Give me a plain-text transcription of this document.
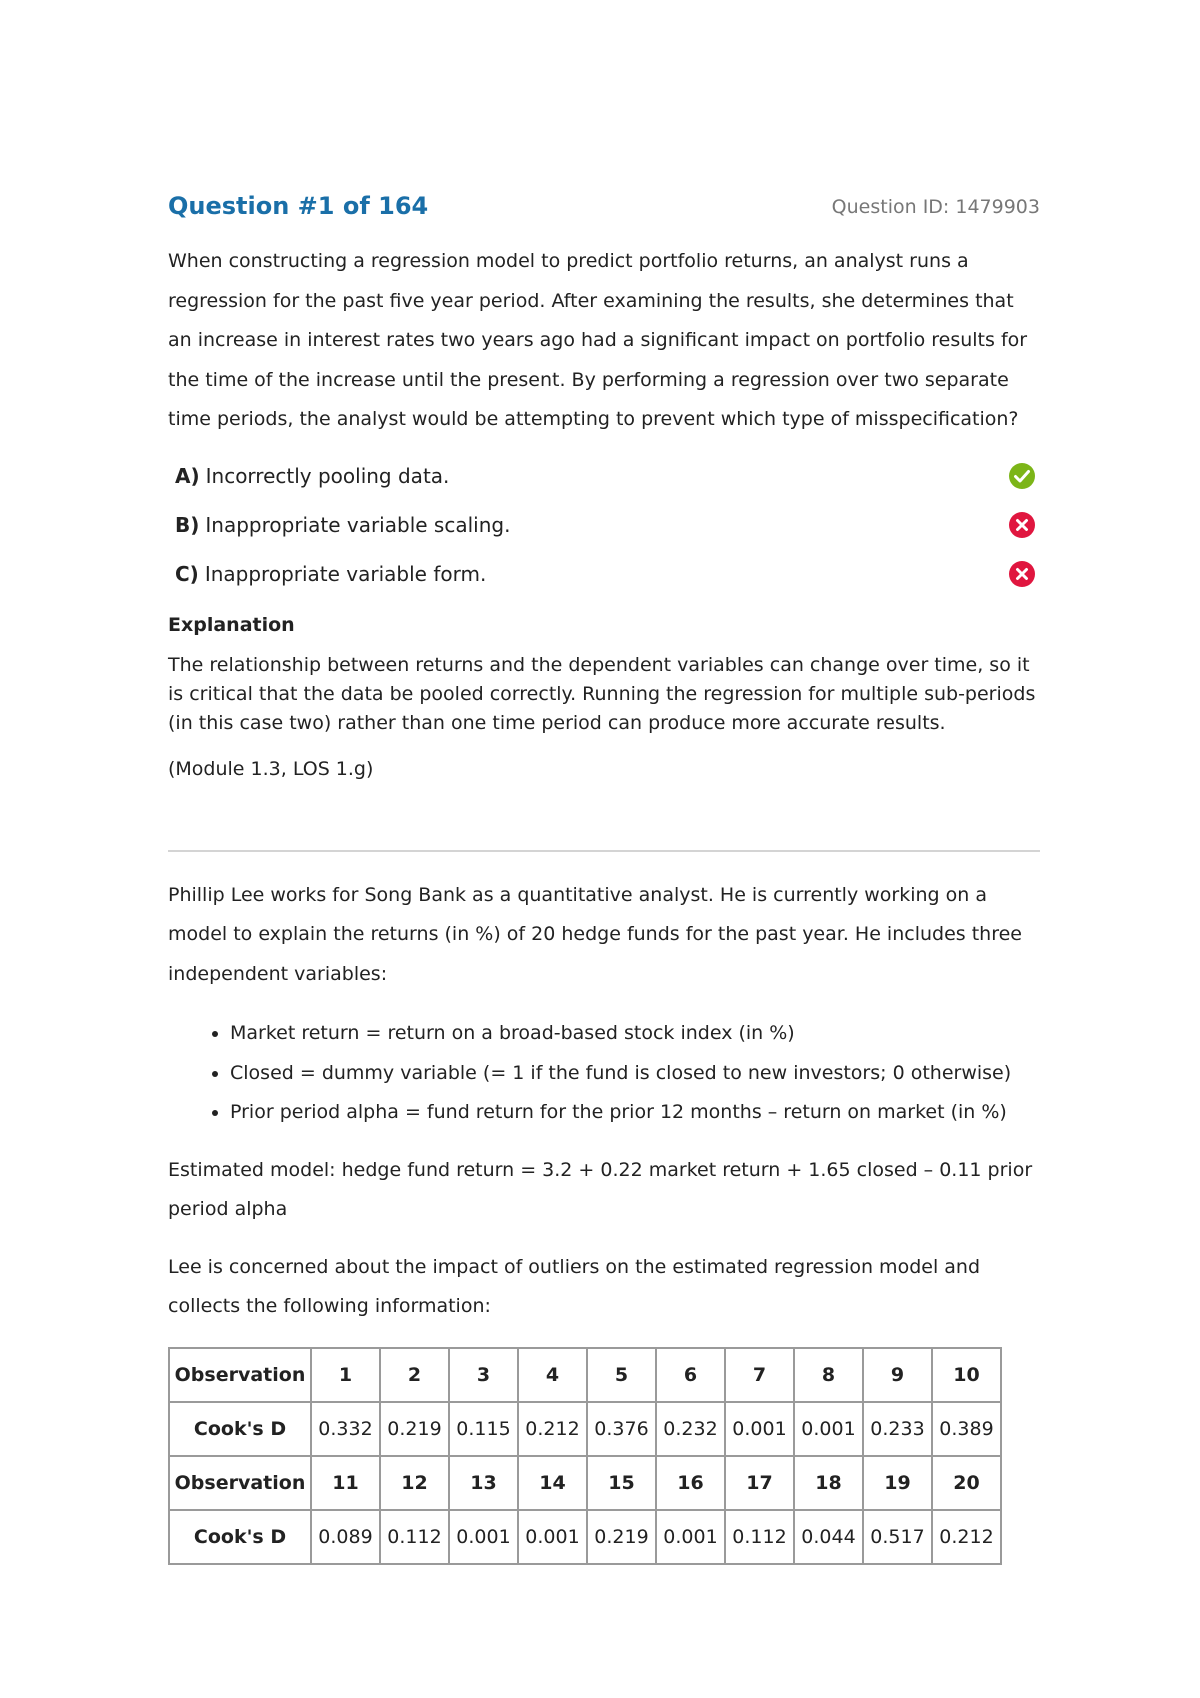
Question #1 of 164	Question ID: 1479903
When constructing a regression model to predict portfolio returns, an analyst runs a regression for the past five year period. After examining the results, she determines that an increase in interest rates two years ago had a significant impact on portfolio results for the time of the increase until the present. By performing a regression over two separate time periods, the analyst would be attempting to prevent which type of misspecification?
A) Incorrectly pooling data.
B) Inappropriate variable scaling.
C) Inappropriate variable form.
Explanation
The relationship between returns and the dependent variables can change over time, so it is critical that the data be pooled correctly. Running the regression for multiple sub-periods (in this case two) rather than one time period can produce more accurate results.
(Module 1.3, LOS 1.g)
Phillip Lee works for Song Bank as a quantitative analyst. He is currently working on a model to explain the returns (in %) of 20 hedge funds for the past year. He includes three independent variables:
• Market return = return on a broad-based stock index (in %)
• Closed = dummy variable (= 1 if the fund is closed to new investors; 0 otherwise)
• Prior period alpha = fund return for the prior 12 months – return on market (in %)
Estimated model: hedge fund return = 3.2 + 0.22 market return + 1.65 closed – 0.11 prior period alpha
Lee is concerned about the impact of outliers on the estimated regression model and collects the following information:
Observation	1	2	3	4	5	6	7	8	9	10
Cook's D	0.332	0.219	0.115	0.212	0.376	0.232	0.001	0.001	0.233	0.389
Observation	11	12	13	14	15	16	17	18	19	20
Cook's D	0.089	0.112	0.001	0.001	0.219	0.001	0.112	0.044	0.517	0.212
